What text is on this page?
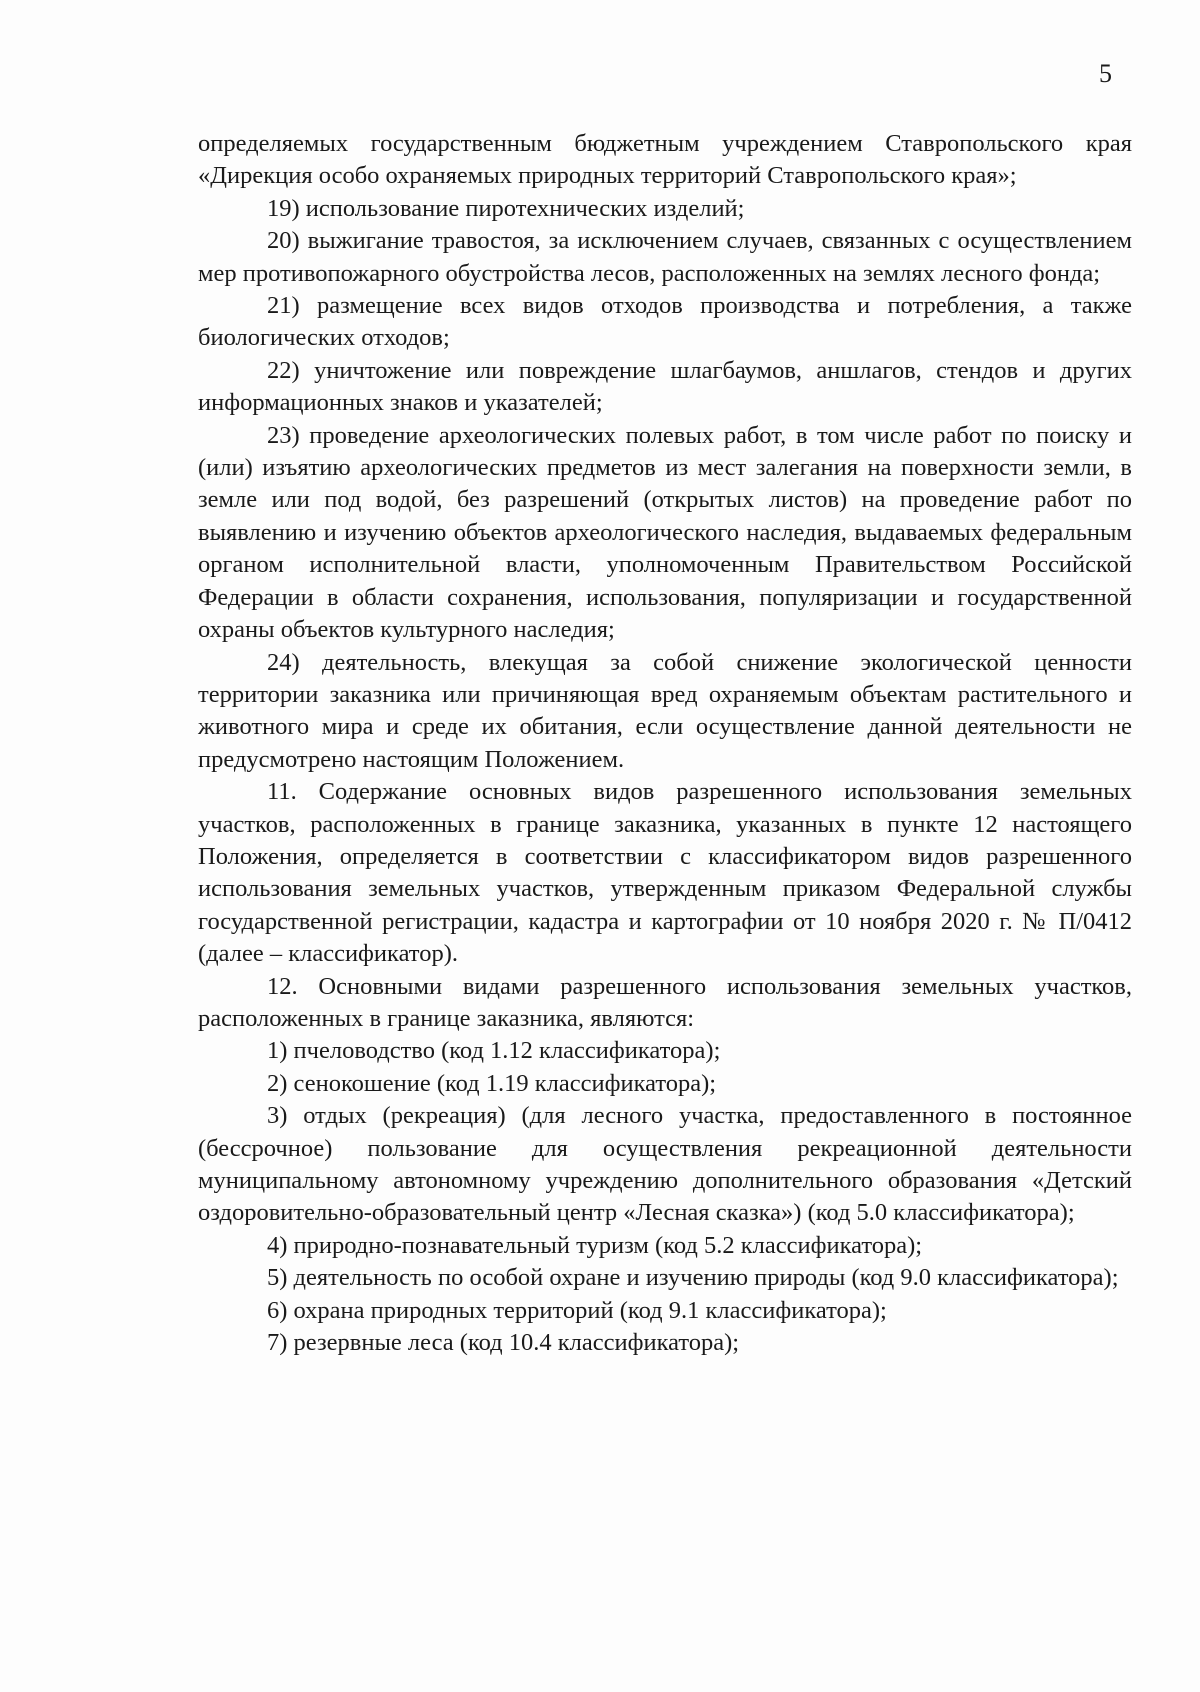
5

определяемых государственным бюджетным учреждением Ставропольского края «Дирекция особо охраняемых природных территорий Ставропольского края»;

19) использование пиротехнических изделий;

20) выжигание травостоя, за исключением случаев, связанных с осуществлением мер противопожарного обустройства лесов, расположенных на землях лесного фонда;

21) размещение всех видов отходов производства и потребления, а также биологических отходов;

22) уничтожение или повреждение шлагбаумов, аншлагов, стендов и других информационных знаков и указателей;

23) проведение археологических полевых работ, в том числе работ по поиску и (или) изъятию археологических предметов из мест залегания на поверхности земли, в земле или под водой, без разрешений (открытых листов) на проведение работ по выявлению и изучению объектов археологического наследия, выдаваемых федеральным органом исполнительной власти, уполномоченным Правительством Российской Федерации в области сохранения, использования, популяризации и государственной охраны объектов культурного наследия;

24) деятельность, влекущая за собой снижение экологической ценности территории заказника или причиняющая вред охраняемым объектам растительного и животного мира и среде их обитания, если осуществление данной деятельности не предусмотрено настоящим Положением.

11. Содержание основных видов разрешенного использования земельных участков, расположенных в границе заказника, указанных в пункте 12 настоящего Положения, определяется в соответствии с классификатором видов разрешенного использования земельных участков, утвержденным приказом Федеральной службы государственной регистрации, кадастра и картографии от 10 ноября 2020 г. № П/0412 (далее – классификатор).

12. Основными видами разрешенного использования земельных участков, расположенных в границе заказника, являются:

1) пчеловодство (код 1.12 классификатора);

2) сенокошение (код 1.19 классификатора);

3) отдых (рекреация) (для лесного участка, предоставленного в постоянное (бессрочное) пользование для осуществления рекреационной деятельности муниципальному автономному учреждению дополнительного образования «Детский оздоровительно-образовательный центр «Лесная сказка») (код 5.0 классификатора);

4) природно-познавательный туризм (код 5.2 классификатора);

5) деятельность по особой охране и изучению природы (код 9.0 классификатора);

6) охрана природных территорий (код 9.1 классификатора);

7) резервные леса (код 10.4 классификатора);
